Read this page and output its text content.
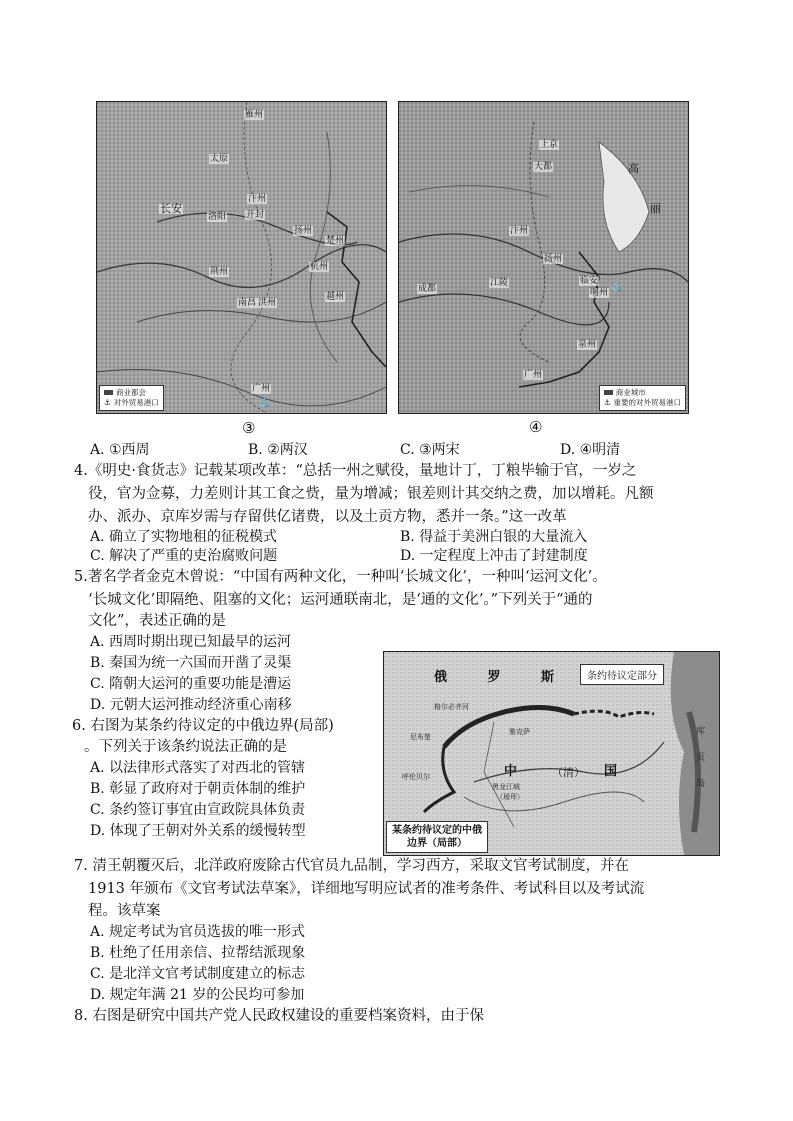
雁州
太原
汴州
长安	开封
洛阳
扬州
杭州
楚州
荆州
南昌 洪州
越州
广州
⚓
商业都会
⚓ 对外贸易港口
③
上京
大都	高
丽
汴州
扬州
临安
江陵
成都
泉州
广州
明州
⚓
商业城市
⚓ 重要的对外贸易港口
④
A. ①西周	B. ②两汉	C. ③两宋	D. ④明清
4.《明史·食货志》记载某项改革：“总括一州之赋役，量地计丁，丁粮毕输于官，一岁之
役，官为佥募，力差则计其工食之赀，量为增减；银差则计其交纳之费，加以增耗。凡额
办、派办、京库岁需与存留供亿诸费，以及土贡方物，悉并一条。”这一改革
A. 确立了实物地租的征税模式	B. 得益于美洲白银的大量流入
C. 解决了严重的吏治腐败问题	D. 一定程度上冲击了封建制度
5.著名学者金克木曾说：“中国有两种文化，一种叫‘长城文化’，一种叫‘运河文化’。
‘长城文化’即隔绝、阻塞的文化；运河通联南北，是‘通的文化’。”下列关于“通的
文化”，表述正确的是
A. 西周时期出现已知最早的运河
B. 秦国为统一六国而开凿了灵渠
C. 隋朝大运河的重要功能是漕运
D. 元朝大运河推动经济重心南移
6. 右图为某条约待议定的中俄边界(局部)
。下列关于该条约说法正确的是
A. 以法律形式落实了对西北的管辖
B. 彰显了政府对于朝贡体制的维护
C. 条约签订事宜由宣政院具体负责
D. 体现了王朝对外关系的缓慢转型
条约待议定部分
俄 罗 斯
中 （清） 国
格尔必齐河
雅克萨
尼布楚
黑龙江城
（瑷珲）
呼伦贝尔
库
页
岛
某条约待议定的中俄
边界（局部）
7. 清王朝覆灭后，北洋政府废除古代官员九品制，学习西方，采取文官考试制度，并在
1913 年颁布《文官考试法草案》，详细地写明应试者的准考条件、考试科目以及考试流
程。该草案
A. 规定考试为官员选拔的唯一形式
B. 杜绝了任用亲信、拉帮结派现象
C. 是北洋文官考试制度建立的标志
D. 规定年满 21 岁的公民均可参加
8. 右图是研究中国共产党人民政权建设的重要档案资料，由于保
